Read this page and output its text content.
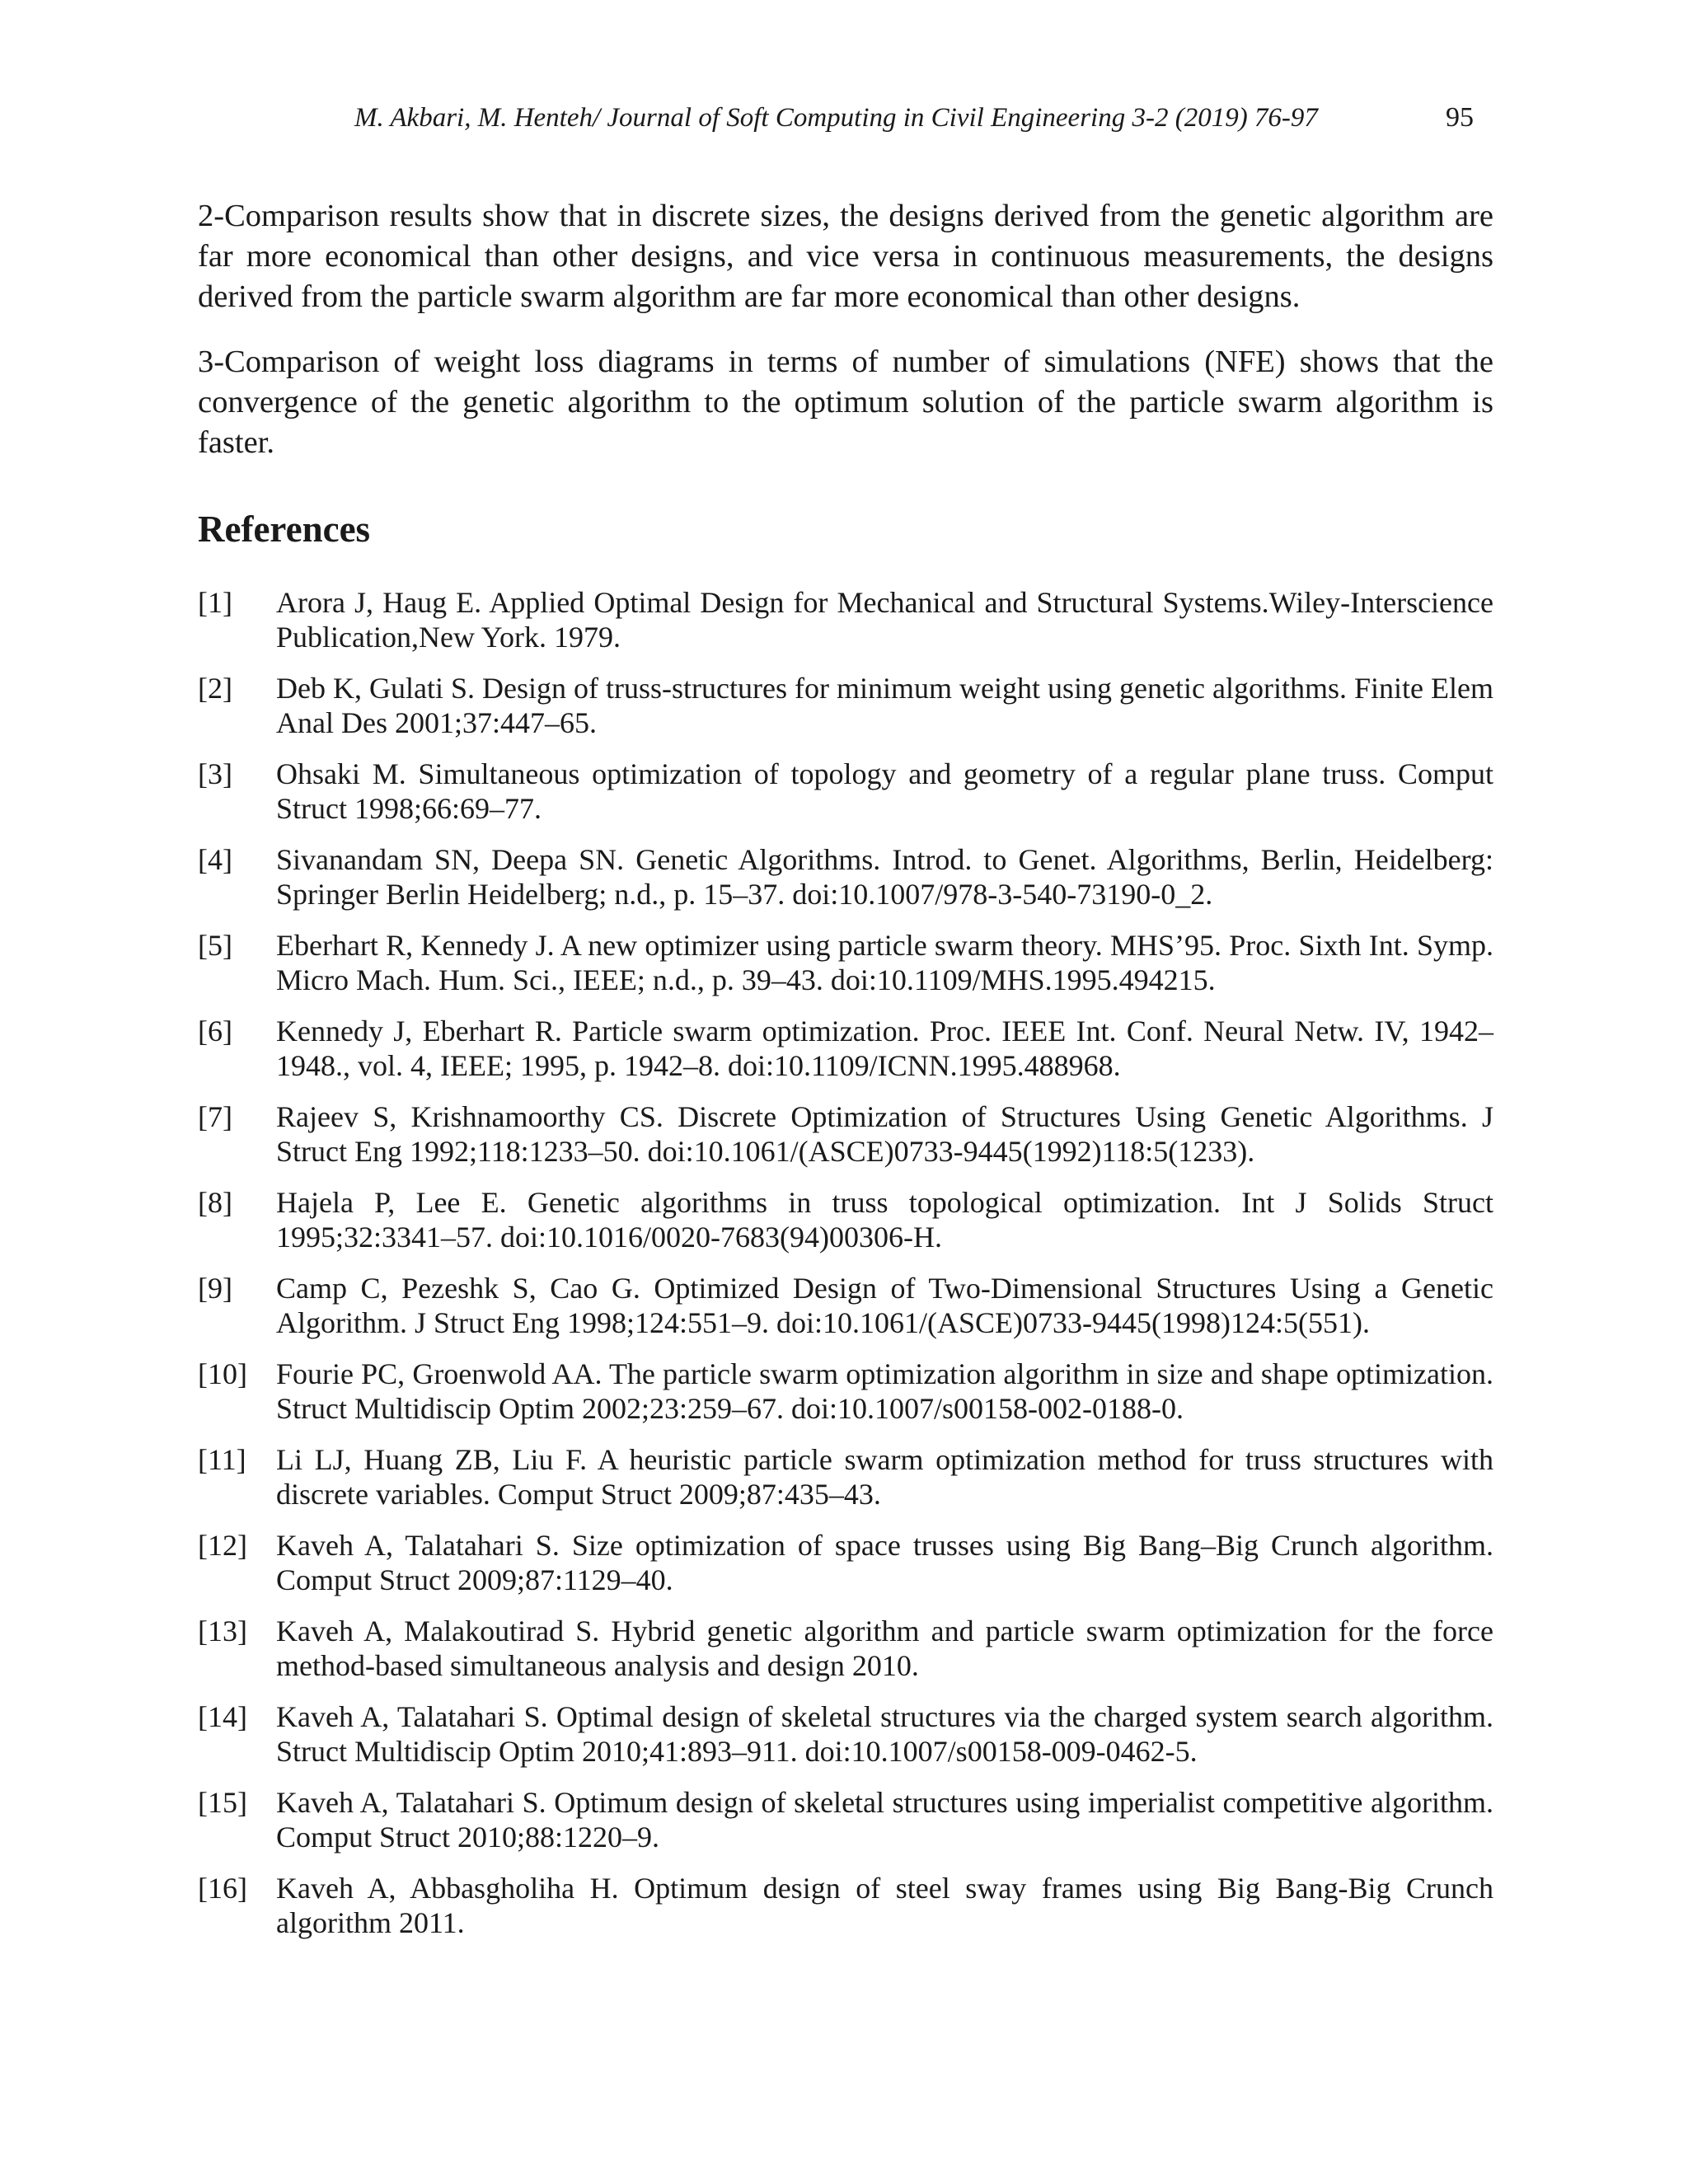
M. Akbari, M. Henteh/ Journal of Soft Computing in Civil Engineering 3-2 (2019) 76-97	95

2-Comparison results show that in discrete sizes, the designs derived from the genetic algorithm are far more economical than other designs, and vice versa in continuous measurements, the designs derived from the particle swarm algorithm are far more economical than other designs.

3-Comparison of weight loss diagrams in terms of number of simulations (NFE) shows that the convergence of the genetic algorithm to the optimum solution of the particle swarm algorithm is faster.

References
[1]	Arora J, Haug E. Applied Optimal Design for Mechanical and Structural Systems.Wiley-Interscience Publication,New York. 1979.
[2]	Deb K, Gulati S. Design of truss-structures for minimum weight using genetic algorithms. Finite Elem Anal Des 2001;37:447–65.
[3]	Ohsaki M. Simultaneous optimization of topology and geometry of a regular plane truss. Comput Struct 1998;66:69–77.
[4]	Sivanandam SN, Deepa SN. Genetic Algorithms. Introd. to Genet. Algorithms, Berlin, Heidelberg: Springer Berlin Heidelberg; n.d., p. 15–37. doi:10.1007/978-3-540-73190-0_2.
[5]	Eberhart R, Kennedy J. A new optimizer using particle swarm theory. MHS’95. Proc. Sixth Int. Symp. Micro Mach. Hum. Sci., IEEE; n.d., p. 39–43. doi:10.1109/MHS.1995.494215.
[6]	Kennedy J, Eberhart R. Particle swarm optimization. Proc. IEEE Int. Conf. Neural Netw. IV, 1942–1948., vol. 4, IEEE; 1995, p. 1942–8. doi:10.1109/ICNN.1995.488968.
[7]	Rajeev S, Krishnamoorthy CS. Discrete Optimization of Structures Using Genetic Algorithms. J Struct Eng 1992;118:1233–50. doi:10.1061/(ASCE)0733-9445(1992)118:5(1233).
[8]	Hajela P, Lee E. Genetic algorithms in truss topological optimization. Int J Solids Struct 1995;32:3341–57. doi:10.1016/0020-7683(94)00306-H.
[9]	Camp C, Pezeshk S, Cao G. Optimized Design of Two-Dimensional Structures Using a Genetic Algorithm. J Struct Eng 1998;124:551–9. doi:10.1061/(ASCE)0733-9445(1998)124:5(551).
[10] Fourie PC, Groenwold AA. The particle swarm optimization algorithm in size and shape optimization. Struct Multidiscip Optim 2002;23:259–67. doi:10.1007/s00158-002-0188-0.
[11]	Li LJ, Huang ZB, Liu F. A heuristic particle swarm optimization method for truss structures with discrete variables. Comput Struct 2009;87:435–43.
[12] Kaveh A, Talatahari S. Size optimization of space trusses using Big Bang–Big Crunch algorithm. Comput Struct 2009;87:1129–40.
[13] Kaveh A, Malakoutirad S. Hybrid genetic algorithm and particle swarm optimization for the force method-based simultaneous analysis and design 2010.
[14] Kaveh A, Talatahari S. Optimal design of skeletal structures via the charged system search algorithm. Struct Multidiscip Optim 2010;41:893–911. doi:10.1007/s00158-009-0462-5.
[15] Kaveh A, Talatahari S. Optimum design of skeletal structures using imperialist competitive algorithm. Comput Struct 2010;88:1220–9.
[16] Kaveh A, Abbasgholiha H. Optimum design of steel sway frames using Big Bang-Big Crunch algorithm 2011.
